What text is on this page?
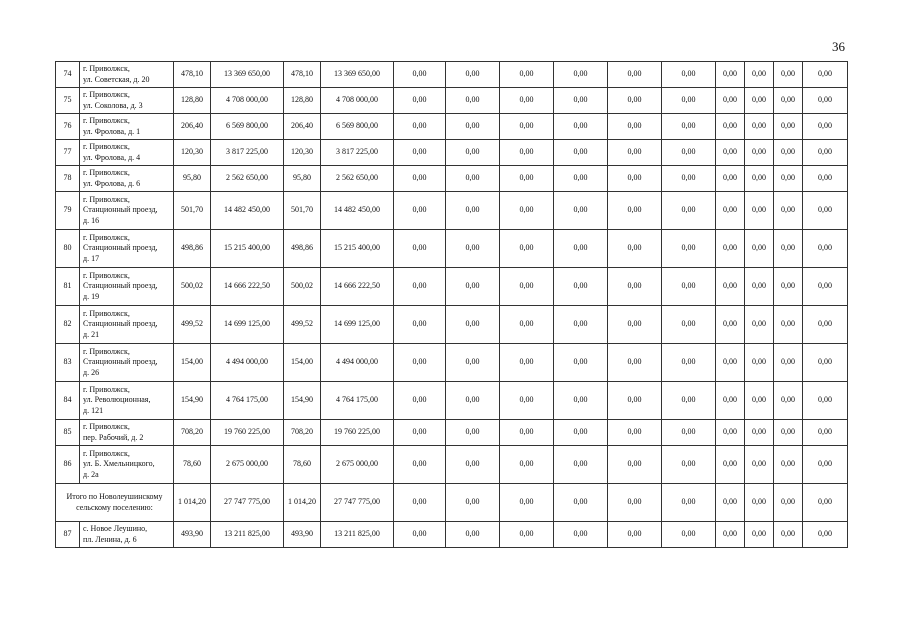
36
74	г. Приволжск,
ул. Советская, д. 20	478,10	13 369 650,00	478,10	13 369 650,00	0,00	0,00	0,00	0,00	0,00	0,00	0,00	0,00	0,00	0,00
75	г. Приволжск,
ул. Соколова, д. 3	128,80	4 708 000,00	128,80	4 708 000,00	0,00	0,00	0,00	0,00	0,00	0,00	0,00	0,00	0,00	0,00
76	г. Приволжск,
ул. Фролова, д. 1	206,40	6 569 800,00	206,40	6 569 800,00	0,00	0,00	0,00	0,00	0,00	0,00	0,00	0,00	0,00	0,00
77	г. Приволжск,
ул. Фролова, д. 4	120,30	3 817 225,00	120,30	3 817 225,00	0,00	0,00	0,00	0,00	0,00	0,00	0,00	0,00	0,00	0,00
78	г. Приволжск,
ул. Фролова, д. 6	95,80	2 562 650,00	95,80	2 562 650,00	0,00	0,00	0,00	0,00	0,00	0,00	0,00	0,00	0,00	0,00
79	г. Приволжск,
Станционный проезд,
д. 16	501,70	14 482 450,00	501,70	14 482 450,00	0,00	0,00	0,00	0,00	0,00	0,00	0,00	0,00	0,00	0,00
80	г. Приволжск,
Станционный проезд,
д. 17	498,86	15 215 400,00	498,86	15 215 400,00	0,00	0,00	0,00	0,00	0,00	0,00	0,00	0,00	0,00	0,00
81	г. Приволжск,
Станционный проезд,
д. 19	500,02	14 666 222,50	500,02	14 666 222,50	0,00	0,00	0,00	0,00	0,00	0,00	0,00	0,00	0,00	0,00
82	г. Приволжск,
Станционный проезд,
д. 21	499,52	14 699 125,00	499,52	14 699 125,00	0,00	0,00	0,00	0,00	0,00	0,00	0,00	0,00	0,00	0,00
83	г. Приволжск,
Станционный проезд,
д. 26	154,00	4 494 000,00	154,00	4 494 000,00	0,00	0,00	0,00	0,00	0,00	0,00	0,00	0,00	0,00	0,00
84	г. Приволжск,
ул. Революционная,
д. 121	154,90	4 764 175,00	154,90	4 764 175,00	0,00	0,00	0,00	0,00	0,00	0,00	0,00	0,00	0,00	0,00
85	г. Приволжск,
пер. Рабочий, д. 2	708,20	19 760 225,00	708,20	19 760 225,00	0,00	0,00	0,00	0,00	0,00	0,00	0,00	0,00	0,00	0,00
86	г. Приволжск,
ул. Б. Хмельницкого,
д. 2а	78,60	2 675 000,00	78,60	2 675 000,00	0,00	0,00	0,00	0,00	0,00	0,00	0,00	0,00	0,00	0,00
Итого по Новолеушинскому
сельскому поселению:		1 014,20	27 747 775,00	1 014,20	27 747 775,00	0,00	0,00	0,00	0,00	0,00	0,00	0,00	0,00	0,00	0,00
87	с. Новое Леушино,
пл. Ленина, д. 6	493,90	13 211 825,00	493,90	13 211 825,00	0,00	0,00	0,00	0,00	0,00	0,00	0,00	0,00	0,00	0,00
